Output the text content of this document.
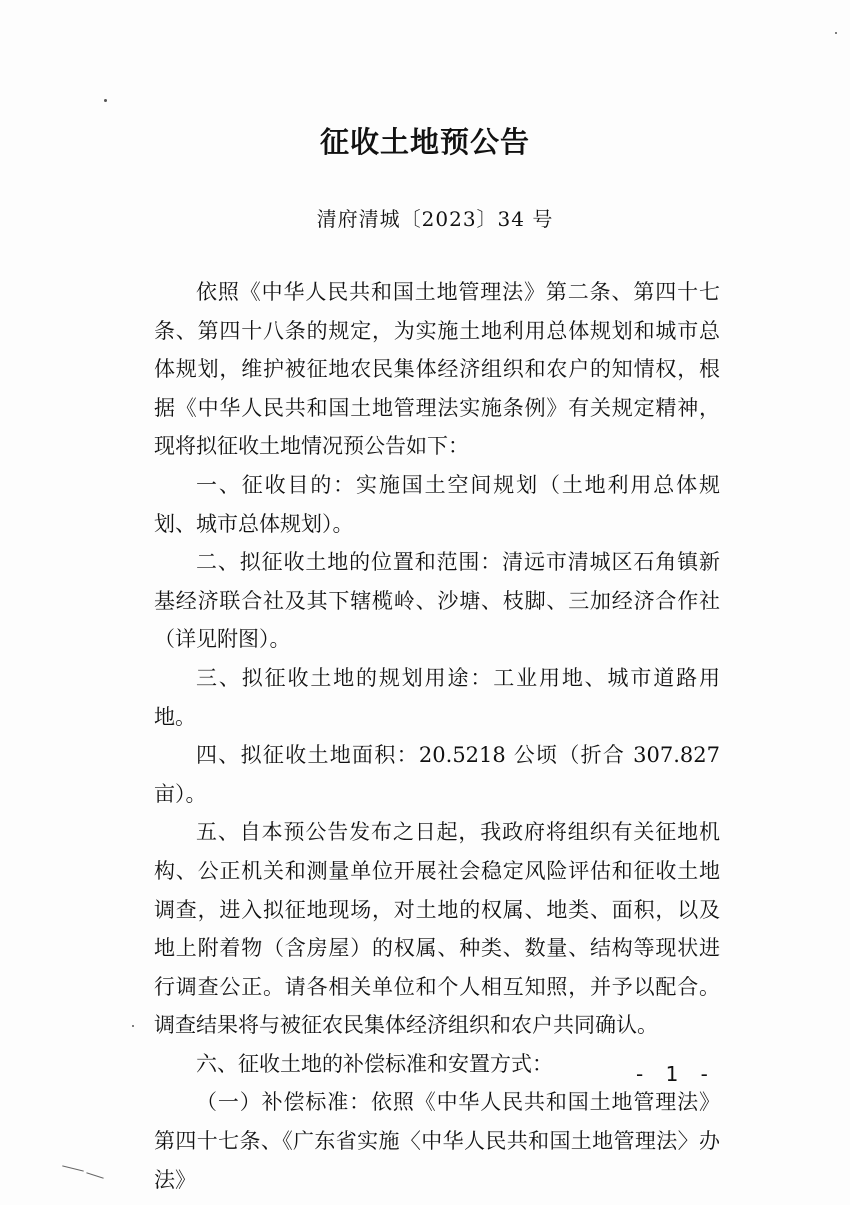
征收土地预公告
清府清城〔2023〕34 号

依照《中华人民共和国土地管理法》第二条、第四十七条、第四十八条的规定，为实施土地利用总体规划和城市总体规划，维护被征地农民集体经济组织和农户的知情权，根据《中华人民共和国土地管理法实施条例》有关规定精神，现将拟征收土地情况预公告如下：

一、征收目的：实施国土空间规划（土地利用总体规划、城市总体规划）。

二、拟征收土地的位置和范围：清远市清城区石角镇新基经济联合社及其下辖榄岭、沙塘、枝脚、三加经济合作社（详见附图）。

三、拟征收土地的规划用途：工业用地、城市道路用地。

四、拟征收土地面积：20.5218 公顷（折合 307.827 亩）。

五、自本预公告发布之日起，我政府将组织有关征地机构、公正机关和测量单位开展社会稳定风险评估和征收土地调查，进入拟征地现场，对土地的权属、地类、面积，以及地上附着物（含房屋）的权属、种类、数量、结构等现状进行调查公正。请各相关单位和个人相互知照，并予以配合。调查结果将与被征农民集体经济组织和农户共同确认。

六、征收土地的补偿标准和安置方式：

（一）补偿标准：依照《中华人民共和国土地管理法》第四十七条、《广东省实施〈中华人民共和国土地管理法〉办法》

- 1 -
